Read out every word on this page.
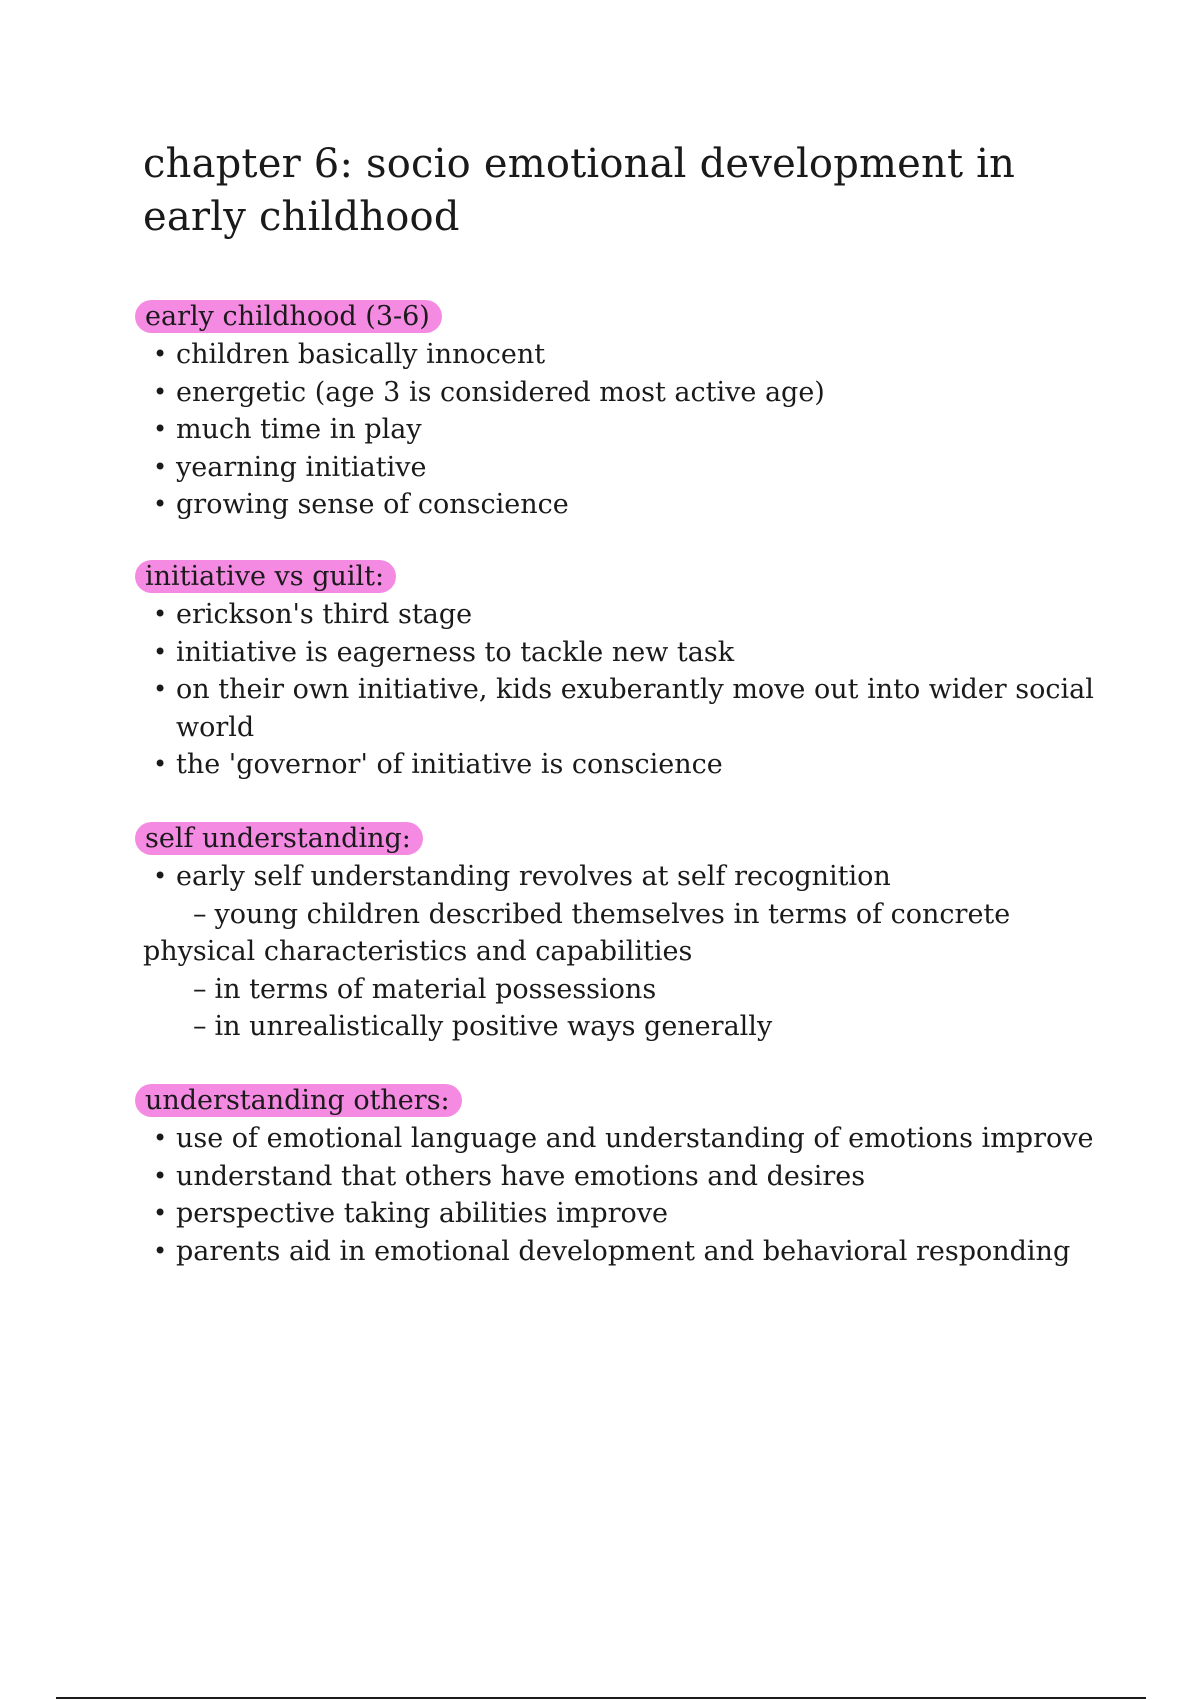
chapter 6: socio emotional development in early childhood
early childhood (3-6)
• children basically innocent
• energetic (age 3 is considered most active age)
• much time in play
• yearning initiative
• growing sense of conscience
initiative vs guilt:
• erickson's third stage
• initiative is eagerness to tackle new task
• on their own initiative, kids exuberantly move out into wider social world
• the 'governor' of initiative is conscience
self understanding:
• early self understanding revolves at self recognition
– young children described themselves in terms of concrete
physical characteristics and capabilities
– in terms of material possessions
– in unrealistically positive ways generally
understanding others:
• use of emotional language and understanding of emotions improve
• understand that others have emotions and desires
• perspective taking abilities improve
• parents aid in emotional development and behavioral responding
